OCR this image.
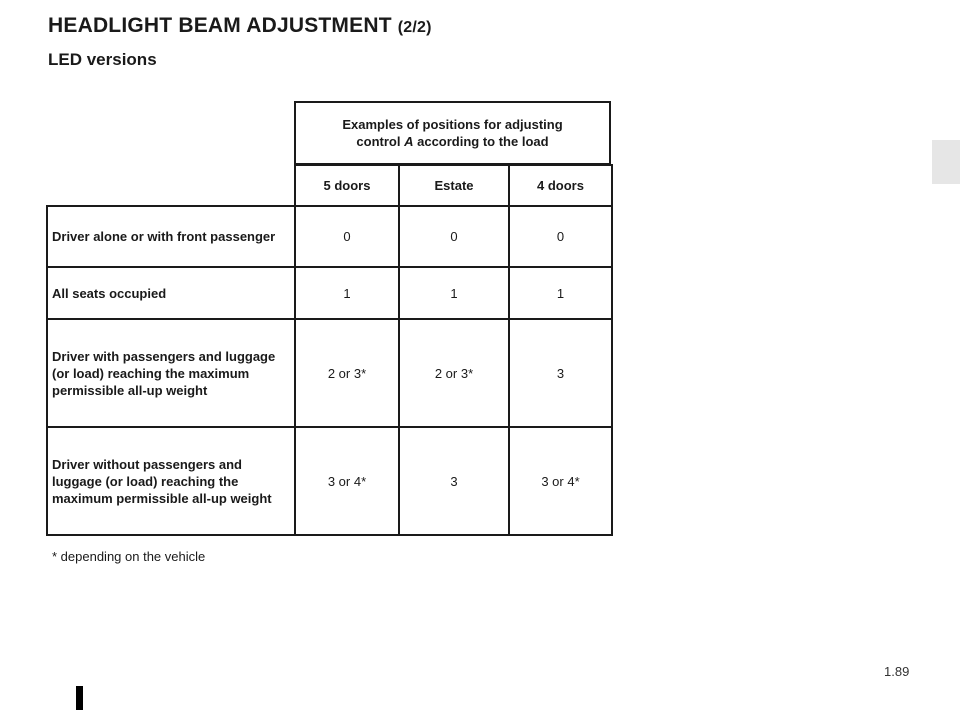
HEADLIGHT BEAM ADJUSTMENT (2/2)
LED versions
Examples of positions for adjusting
control A according to the load
	5 doors	Estate	4 doors
Driver alone or with front passenger	0	0	0
All seats occupied	1	1	1
Driver with passengers and luggage (or load) reaching the maximum permissible all-up weight	2 or 3*	2 or 3*	3
Driver without passengers and luggage (or load) reaching the maximum permissible all-up weight	3 or 4*	3	3 or 4*
* depending on the vehicle
1.89
